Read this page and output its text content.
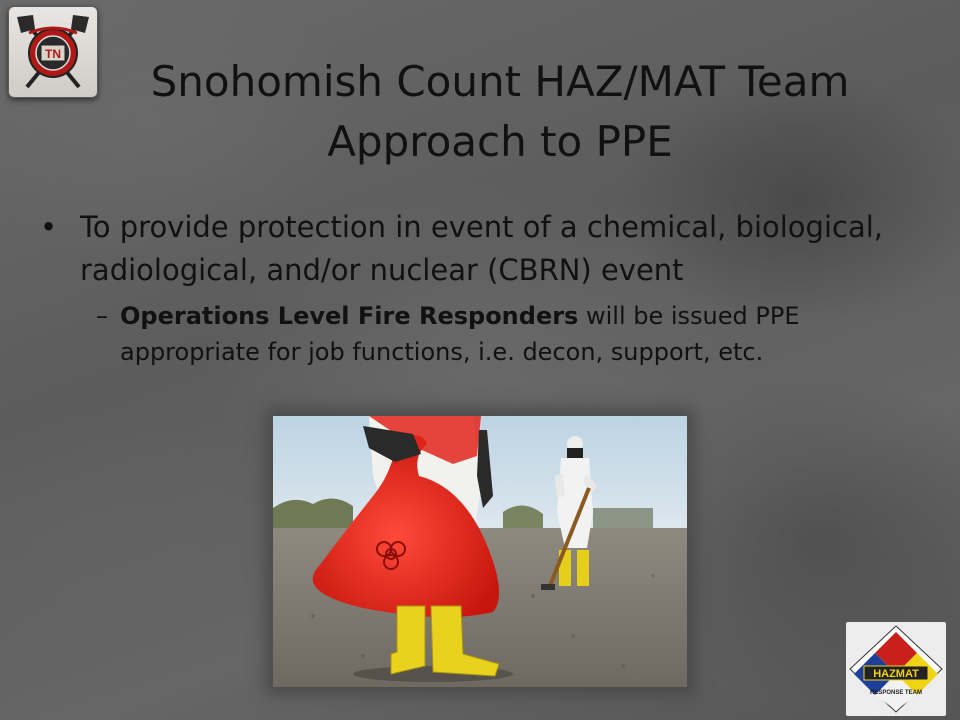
TN
Snohomish Count HAZ/MAT Team
Approach to PPE
• To provide protection in event of a chemical, biological, radiological, and/or nuclear (CBRN) event
– Operations Level Fire Responders will be issued PPE appropriate for job functions, i.e. decon, support, etc.
HAZMAT
RESPONSE TEAM
